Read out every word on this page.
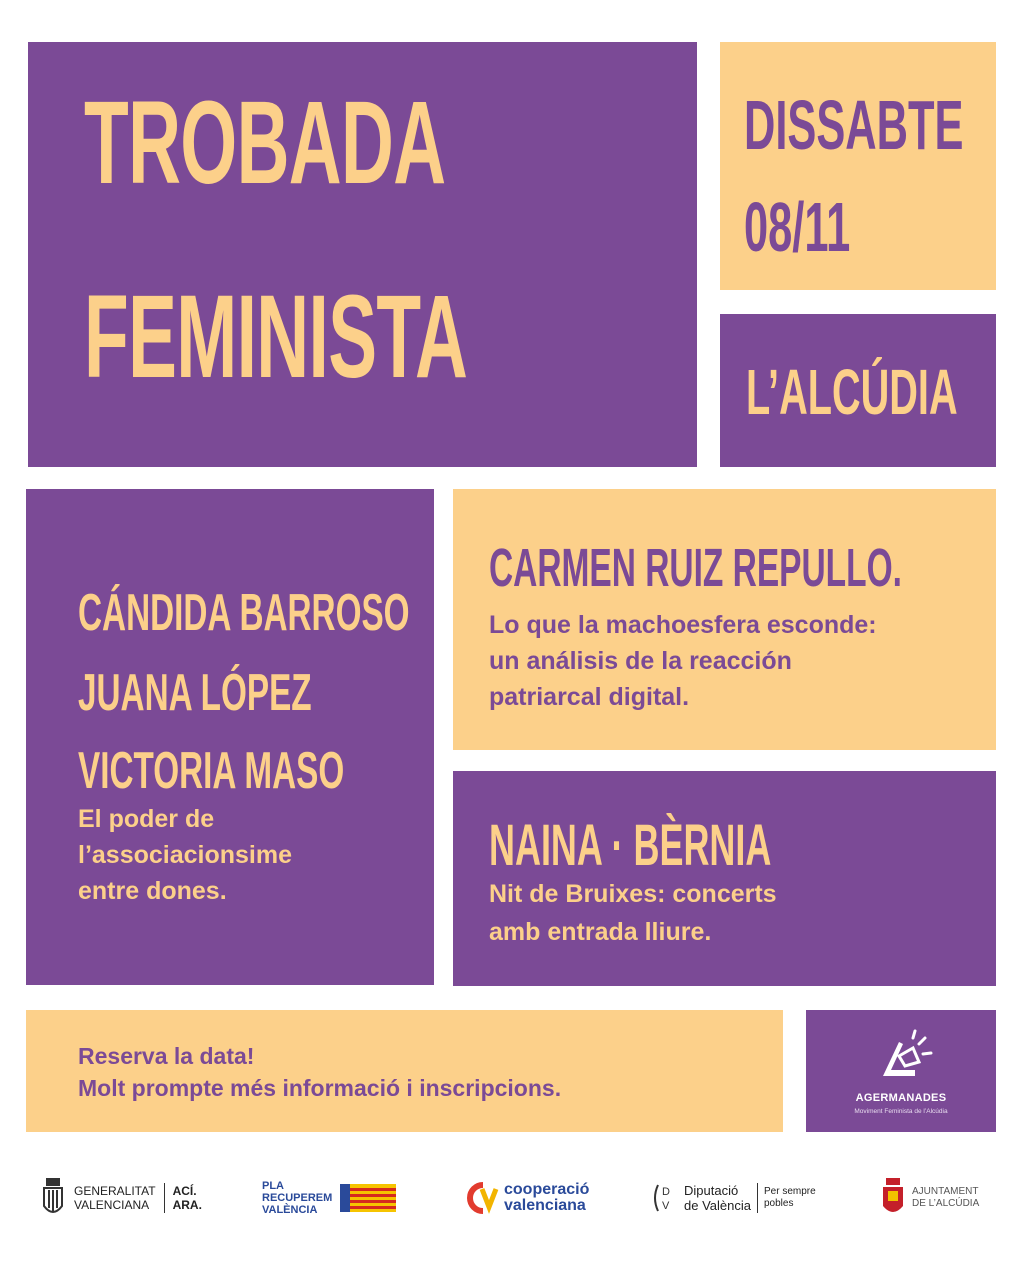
TROBADA
FEMINISTA
DISSABTE
08/11
L’ALCÚDIA
CÁNDIDA BARROSO
JUANA LÓPEZ
VICTORIA MASO
El poder de
l’associacionsime
entre dones.
CARMEN RUIZ REPULLO.
Lo que la machoesfera esconde:
un análisis de la reacción
patriarcal digital.
NAINA · BÈRNIA
Nit de Bruixes: concerts
amb entrada lliure.
Reserva la data!
Molt prompte més informació i inscripcions.	AGERMANADES
Moviment Feminista de l’Alcúdia
GENERALITAT
VALENCIANA
ACÍ.
ARA.
PLA
RECUPEREM
VALÈNCIA
cooperació
valenciana
D
V
Diputació
de València
Per sempre
pobles
AJUNTAMENT
DE L’ALCÚDIA
